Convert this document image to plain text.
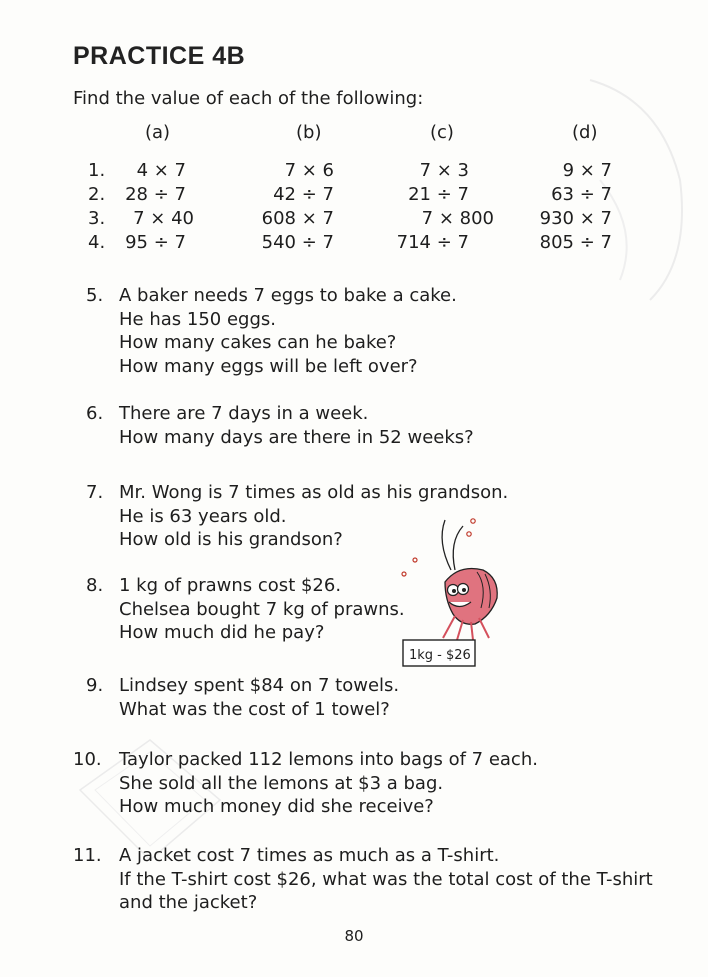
PRACTICE 4B
Find the value of each of the following:
(a)	(b)	(c)	(d)
1. 4 × 7	7 × 6	7 × 3	9 × 7
2. 28 ÷ 7	42 ÷ 7	21 ÷ 7	63 ÷ 7
3. 7 × 40	608 × 7	7 × 800	930 × 7
4. 95 ÷ 7	540 ÷ 7	714 ÷ 7	805 ÷ 7
5. A baker needs 7 eggs to bake a cake.
He has 150 eggs.
How many cakes can he bake?
How many eggs will be left over?
6. There are 7 days in a week.
How many days are there in 52 weeks?
7. Mr. Wong is 7 times as old as his grandson.
He is 63 years old.
How old is his grandson?
8. 1 kg of prawns cost $26.
Chelsea bought 7 kg of prawns.
How much did he pay?
9. Lindsey spent $84 on 7 towels.
What was the cost of 1 towel?
10. Taylor packed 112 lemons into bags of 7 each.
She sold all the lemons at $3 a bag.
How much money did she receive?
11. A jacket cost 7 times as much as a T-shirt.
If the T-shirt cost $26, what was the total cost of the T-shirt
and the jacket?
1kg - $26
80
